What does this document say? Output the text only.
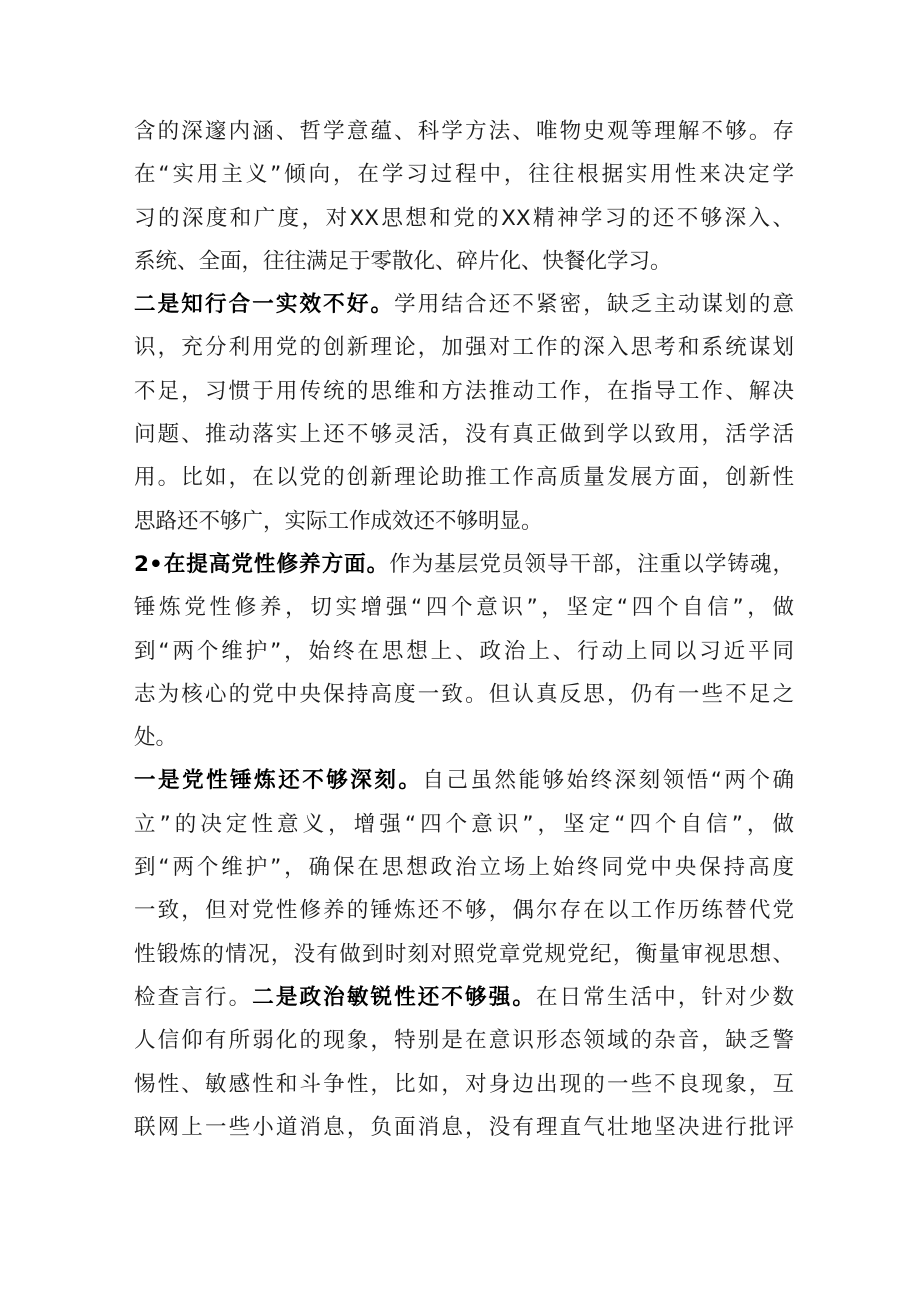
含的深邃内涵、哲学意蕴、科学方法、唯物史观等理解不够。存
在“实用主义”倾向，在学习过程中，往往根据实用性来决定学
习的深度和广度，对XX思想和党的XX精神学习的还不够深入、
系统、全面，往往满足于零散化、碎片化、快餐化学习。
二是知行合一实效不好。学用结合还不紧密，缺乏主动谋划的意
识，充分利用党的创新理论，加强对工作的深入思考和系统谋划
不足，习惯于用传统的思维和方法推动工作，在指导工作、解决
问题、推动落实上还不够灵活，没有真正做到学以致用，活学活
用。比如，在以党的创新理论助推工作高质量发展方面，创新性
思路还不够广，实际工作成效还不够明显。
2•在提高党性修养方面。作为基层党员领导干部，注重以学铸魂，
锤炼党性修养，切实增强“四个意识”，坚定“四个自信”，做
到“两个维护”，始终在思想上、政治上、行动上同以习近平同
志为核心的党中央保持高度一致。但认真反思，仍有一些不足之
处。
一是党性锤炼还不够深刻。自己虽然能够始终深刻领悟“两个确
立”的决定性意义，增强“四个意识”，坚定“四个自信”，做
到“两个维护”，确保在思想政治立场上始终同党中央保持高度
一致，但对党性修养的锤炼还不够，偶尔存在以工作历练替代党
性锻炼的情况，没有做到时刻对照党章党规党纪，衡量审视思想、
检查言行。二是政治敏锐性还不够强。在日常生活中，针对少数
人信仰有所弱化的现象，特别是在意识形态领域的杂音，缺乏警
惕性、敏感性和斗争性，比如，对身边出现的一些不良现象，互
联网上一些小道消息，负面消息，没有理直气壮地坚决进行批评
